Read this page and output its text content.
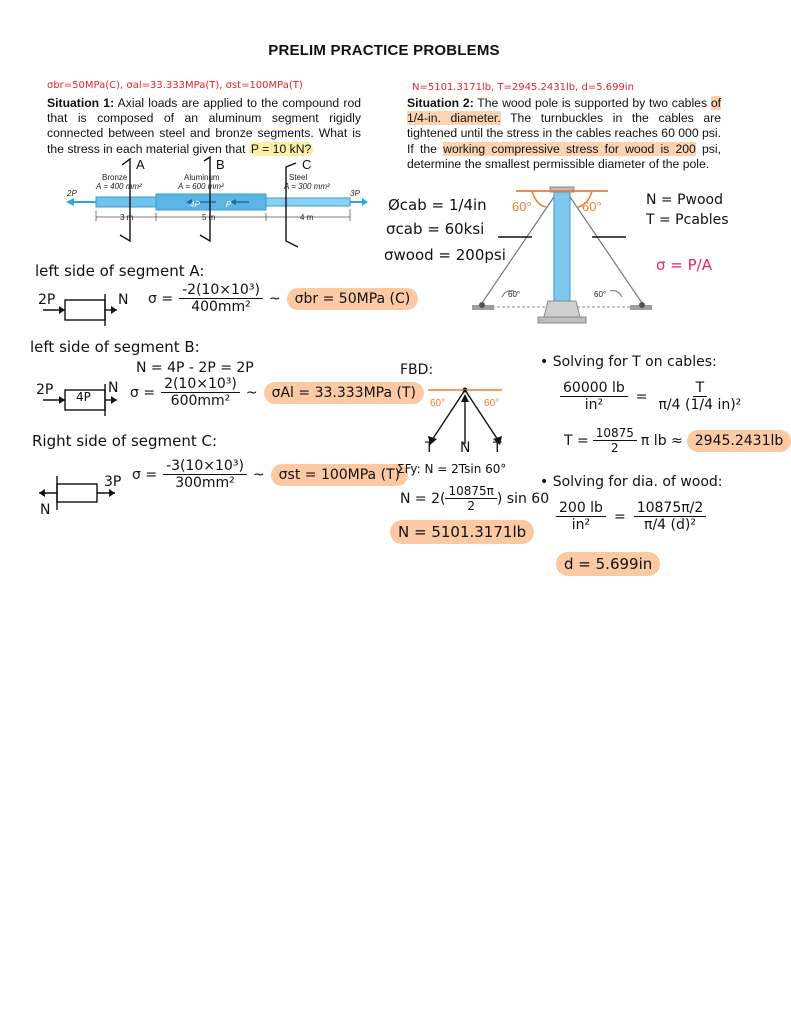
PRELIM PRACTICE PROBLEMS
σbr=50MPa(C), σal=33.333MPa(T), σst=100MPa(T)
Situation 1: Axial loads are applied to the compound rod that is composed of an aluminum segment rigidly connected between steel and bronze segments. What is the stress in each material given that P = 10 kN?
2P
4P	P
3P
Bronze
A = 400 mm²
Aluminum
A = 600 mm²
Steel
A = 300 mm²
3 m	5 m	4 m
A	B	C
left side of segment A:
2P	N $\sigma = \frac{\text{-2(10×10³)}}{\text{400mm²}}$ ~	σbr = 50MPa (C)
left side of segment B:
N = 4P - 2P = 2P
2P 4P
N $\sigma = \frac{\text{2(10×10³)}}{\text{600mm²}}$ ~	σAl = 33.333MPa (T)
Right side of segment C:
3P
N
$\sigma = \frac{\text{-3(10×10³)}}{\text{300mm²}}$ ~	σst = 100MPa (T)
N=5101.3171lb, T=2945.2431lb, d=5.699in
Situation 2: The wood pole is supported by two cables of 1/4-in. diameter. The turnbuckles in the cables are tightened until the stress in the cables reaches 60 000 psi. If the working compressive stress for wood is 200 psi, determine the smallest permissible diameter of the pole.
Øcab = 1/4in
σcab = 60ksi
σwood = 200psi
60°	60°
60°	60°
N = Pwood
T = Pcables
σ = P/A
FBD:
60°	60°
T N T
ΣFy: N = 2Tsin 60°
$N = 2( \frac{10875\pi}{2}$ ) sin 60
N = 5101.3171lb
• Solving for T on cables:
$\frac{60000 lb}{\text{in²}} = \frac{T}{\text{π/4 (1/4 in)²}}$
$T = \frac{10875}{2}$ π lb ≈ 2945.2431lb
• Solving for dia. of wood:
$\frac{200 lb}{\text{in²}} = \frac{10875\pi/2}{\text{π/4 (d)²}}$
d = 5.699in
